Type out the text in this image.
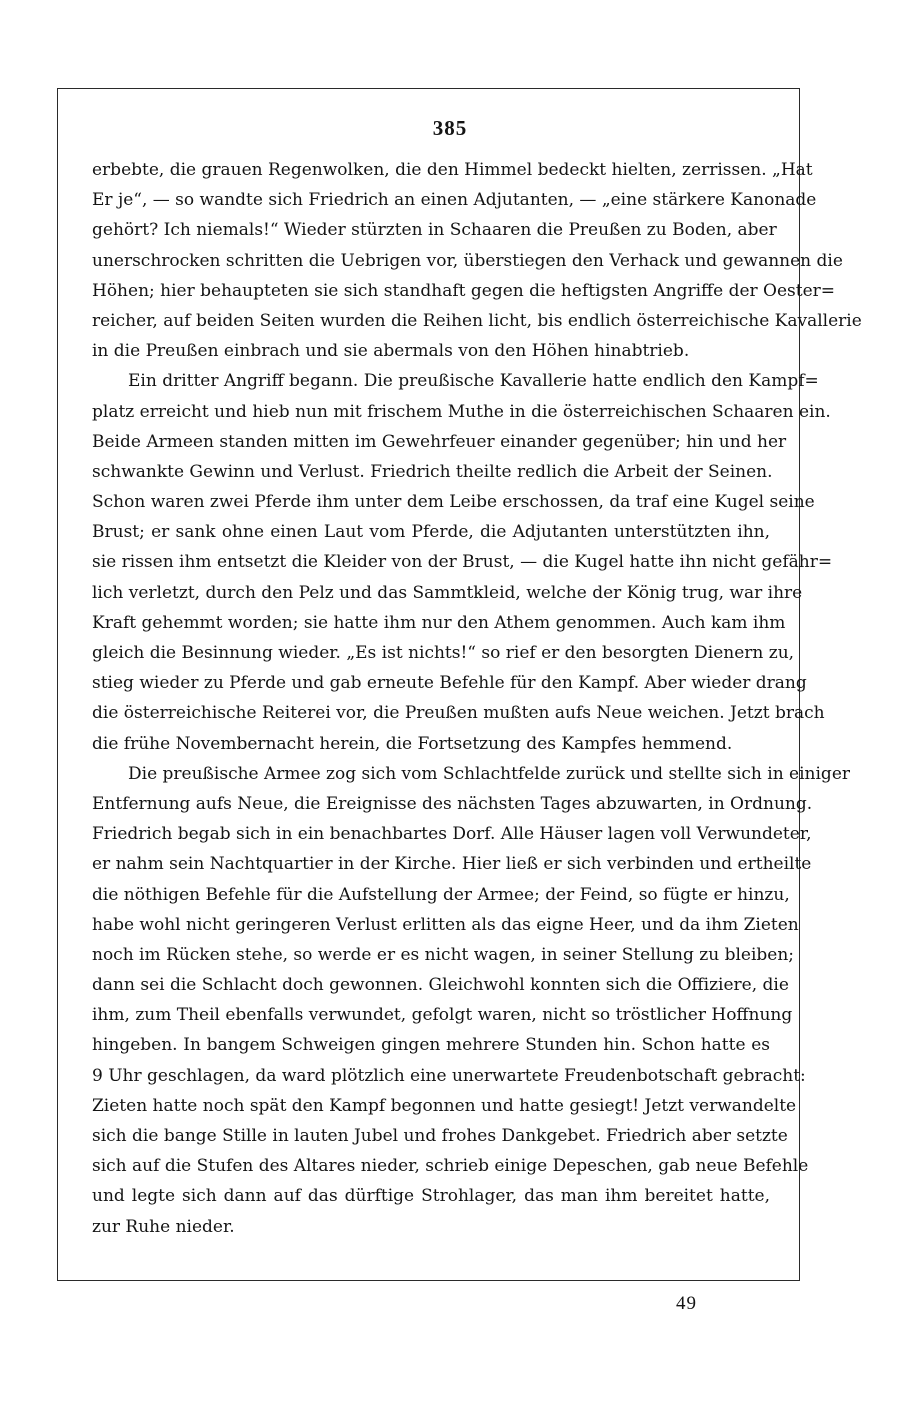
385
erbebte, die grauen Regenwolken, die den Himmel bedeckt hielten, zerrissen. „Hat
Er je“, — so wandte sich Friedrich an einen Adjutanten, — „eine stärkere Kanonade
gehört? Ich niemals!“ Wieder stürzten in Schaaren die Preußen zu Boden, aber
unerschrocken schritten die Uebrigen vor, überstiegen den Verhack und gewannen die
Höhen; hier behaupteten sie sich standhaft gegen die heftigsten Angriffe der Oester=
reicher, auf beiden Seiten wurden die Reihen licht, bis endlich österreichische Kavallerie
in die Preußen einbrach und sie abermals von den Höhen hinabtrieb.
Ein dritter Angriff begann. Die preußische Kavallerie hatte endlich den Kampf=
platz erreicht und hieb nun mit frischem Muthe in die österreichischen Schaaren ein.
Beide Armeen standen mitten im Gewehrfeuer einander gegenüber; hin und her
schwankte Gewinn und Verlust. Friedrich theilte redlich die Arbeit der Seinen.
Schon waren zwei Pferde ihm unter dem Leibe erschossen, da traf eine Kugel seine
Brust; er sank ohne einen Laut vom Pferde, die Adjutanten unterstützten ihn,
sie rissen ihm entsetzt die Kleider von der Brust, — die Kugel hatte ihn nicht gefähr=
lich verletzt, durch den Pelz und das Sammtkleid, welche der König trug, war ihre
Kraft gehemmt worden; sie hatte ihm nur den Athem genommen. Auch kam ihm
gleich die Besinnung wieder. „Es ist nichts!“ so rief er den besorgten Dienern zu,
stieg wieder zu Pferde und gab erneute Befehle für den Kampf. Aber wieder drang
die österreichische Reiterei vor, die Preußen mußten aufs Neue weichen. Jetzt brach
die frühe Novembernacht herein, die Fortsetzung des Kampfes hemmend.
Die preußische Armee zog sich vom Schlachtfelde zurück und stellte sich in einiger
Entfernung aufs Neue, die Ereignisse des nächsten Tages abzuwarten, in Ordnung.
Friedrich begab sich in ein benachbartes Dorf. Alle Häuser lagen voll Verwundeter,
er nahm sein Nachtquartier in der Kirche. Hier ließ er sich verbinden und ertheilte
die nöthigen Befehle für die Aufstellung der Armee; der Feind, so fügte er hinzu,
habe wohl nicht geringeren Verlust erlitten als das eigne Heer, und da ihm Zieten
noch im Rücken stehe, so werde er es nicht wagen, in seiner Stellung zu bleiben;
dann sei die Schlacht doch gewonnen. Gleichwohl konnten sich die Offiziere, die
ihm, zum Theil ebenfalls verwundet, gefolgt waren, nicht so tröstlicher Hoffnung
hingeben. In bangem Schweigen gingen mehrere Stunden hin. Schon hatte es
9 Uhr geschlagen, da ward plötzlich eine unerwartete Freudenbotschaft gebracht:
Zieten hatte noch spät den Kampf begonnen und hatte gesiegt! Jetzt verwandelte
sich die bange Stille in lauten Jubel und frohes Dankgebet. Friedrich aber setzte
sich auf die Stufen des Altares nieder, schrieb einige Depeschen, gab neue Befehle
und legte sich dann auf das dürftige Strohlager, das man ihm bereitet hatte,
zur Ruhe nieder.
49
